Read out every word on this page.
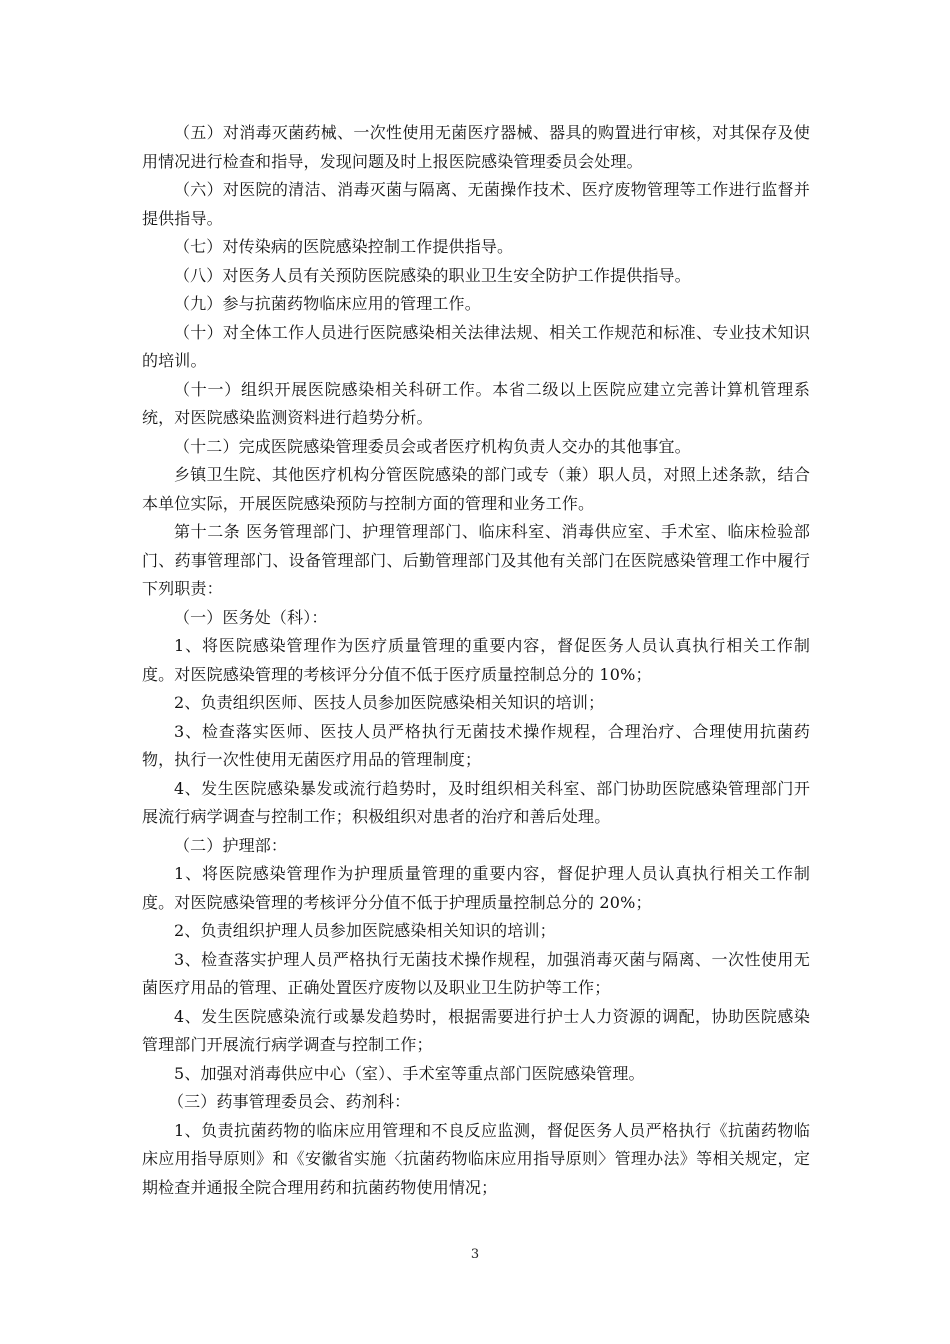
（五）对消毒灭菌药械、一次性使用无菌医疗器械、器具的购置进行审核，对其保存及使用情况进行检查和指导，发现问题及时上报医院感染管理委员会处理。

（六）对医院的清洁、消毒灭菌与隔离、无菌操作技术、医疗废物管理等工作进行监督并提供指导。

（七）对传染病的医院感染控制工作提供指导。

（八）对医务人员有关预防医院感染的职业卫生安全防护工作提供指导。

（九）参与抗菌药物临床应用的管理工作。

（十）对全体工作人员进行医院感染相关法律法规、相关工作规范和标准、专业技术知识的培训。

（十一）组织开展医院感染相关科研工作。本省二级以上医院应建立完善计算机管理系统，对医院感染监测资料进行趋势分析。

（十二）完成医院感染管理委员会或者医疗机构负责人交办的其他事宜。

乡镇卫生院、其他医疗机构分管医院感染的部门或专（兼）职人员，对照上述条款，结合本单位实际，开展医院感染预防与控制方面的管理和业务工作。

第十二条 医务管理部门、护理管理部门、临床科室、消毒供应室、手术室、临床检验部门、药事管理部门、设备管理部门、后勤管理部门及其他有关部门在医院感染管理工作中履行下列职责：

（一）医务处（科）：

1、将医院感染管理作为医疗质量管理的重要内容，督促医务人员认真执行相关工作制度。对医院感染管理的考核评分分值不低于医疗质量控制总分的 10%；

2、负责组织医师、医技人员参加医院感染相关知识的培训；

3、检查落实医师、医技人员严格执行无菌技术操作规程，合理治疗、合理使用抗菌药物，执行一次性使用无菌医疗用品的管理制度；

4、发生医院感染暴发或流行趋势时，及时组织相关科室、部门协助医院感染管理部门开展流行病学调查与控制工作；积极组织对患者的治疗和善后处理。

（二）护理部：

1、将医院感染管理作为护理质量管理的重要内容，督促护理人员认真执行相关工作制度。对医院感染管理的考核评分分值不低于护理质量控制总分的 20%；

2、负责组织护理人员参加医院感染相关知识的培训；

3、检查落实护理人员严格执行无菌技术操作规程，加强消毒灭菌与隔离、一次性使用无菌医疗用品的管理、正确处置医疗废物以及职业卫生防护等工作；

4、发生医院感染流行或暴发趋势时，根据需要进行护士人力资源的调配，协助医院感染管理部门开展流行病学调查与控制工作；

5、加强对消毒供应中心（室）、手术室等重点部门医院感染管理。

（三）药事管理委员会、药剂科：

1、负责抗菌药物的临床应用管理和不良反应监测，督促医务人员严格执行《抗菌药物临床应用指导原则》和《安徽省实施〈抗菌药物临床应用指导原则〉管理办法》等相关规定，定期检查并通报全院合理用药和抗菌药物使用情况；

3
